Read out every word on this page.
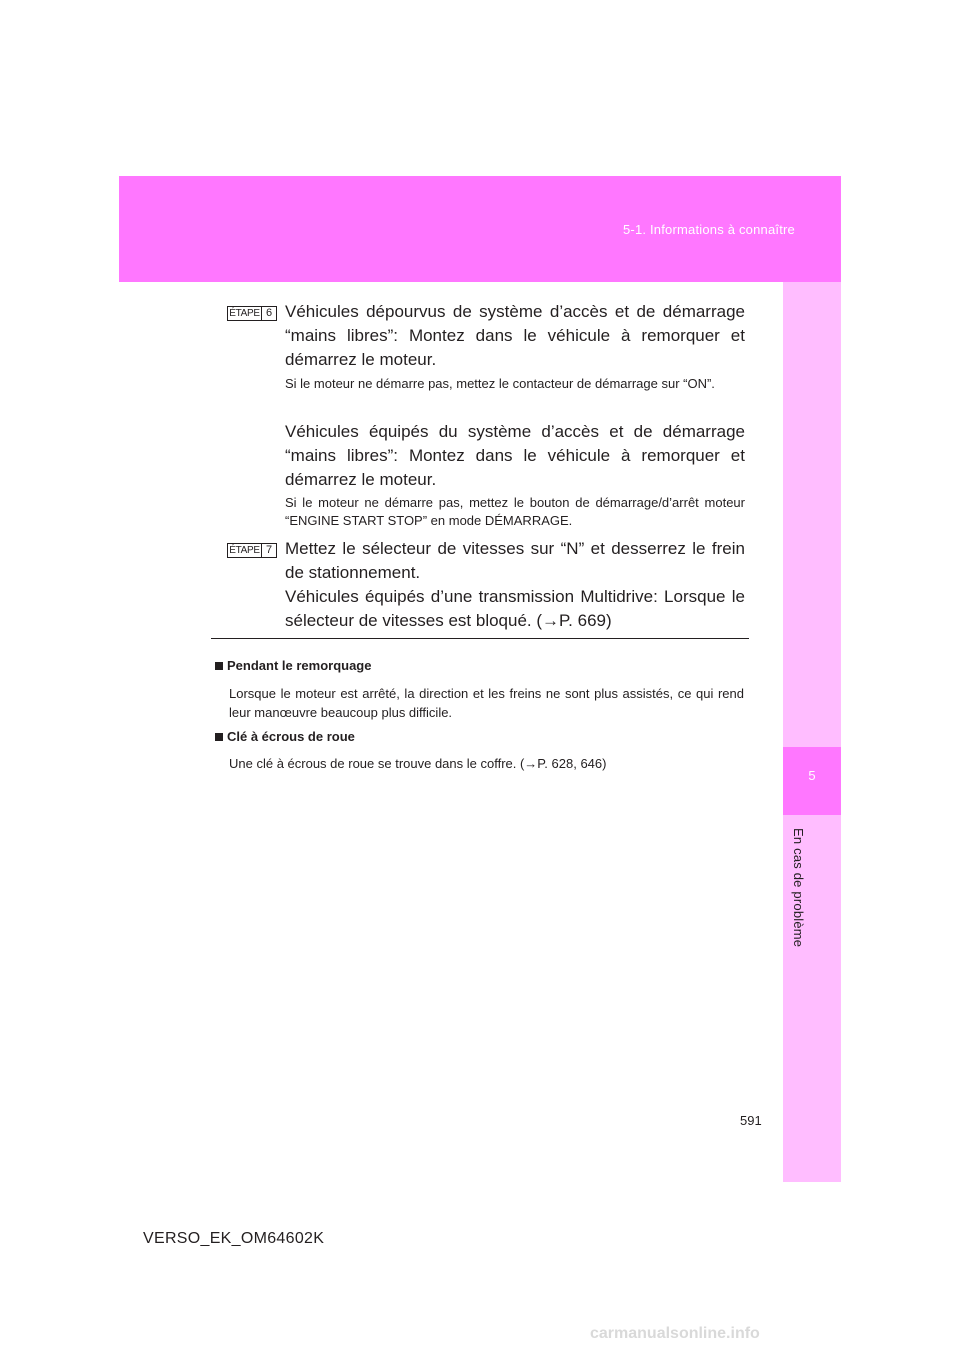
5-1. Informations à connaître
5
En cas de problème
ÉTAPE 6 Véhicules dépourvus de système d’accès et de démarrage “mains libres”: Montez dans le véhicule à remorquer et démarrez le moteur.

Si le moteur ne démarre pas, mettez le contacteur de démarrage sur “ON”.

Véhicules équipés du système d’accès et de démarrage “mains libres”: Montez dans le véhicule à remorquer et démarrez le moteur.

Si le moteur ne démarre pas, mettez le bouton de démarrage/d’arrêt moteur “ENGINE START STOP” en mode DÉMARRAGE.

ÉTAPE 7 Mettez le sélecteur de vitesses sur “N” et desserrez le frein de stationnement.

Véhicules équipés d’une transmission Multidrive: Lorsque le sélecteur de vitesses est bloqué. (→P. 669)

Pendant le remorquage

Lorsque le moteur est arrêté, la direction et les freins ne sont plus assistés, ce qui rend leur manœuvre beaucoup plus difficile.

Clé à écrous de roue

Une clé à écrous de roue se trouve dans le coffre. (→P. 628, 646)

591
VERSO_EK_OM64602K
carmanualsonline.info
